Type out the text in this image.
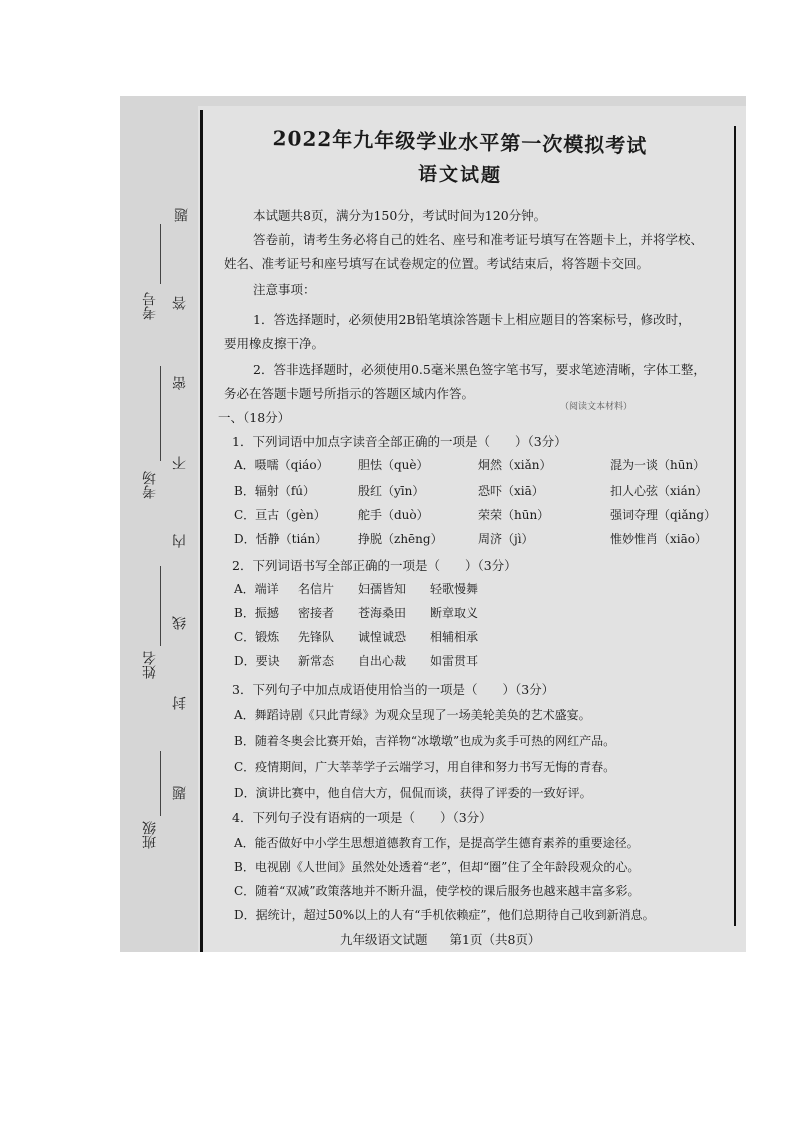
考号 答
题
考场
密
不
内
姓名
线
封
题
班级
2022年九年级学业水平第一次模拟考试
语文试题
本试题共8页，满分为150分，考试时间为120分钟。
答卷前，请考生务必将自己的姓名、座号和准考证号填写在答题卡上，并将学校、
姓名、准考证号和座号填写在试卷规定的位置。考试结束后，将答题卡交回。
注意事项：
1．答选择题时，必须使用2B铅笔填涂答题卡上相应题目的答案标号，修改时，
要用橡皮擦干净。
2．答非选择题时，必须使用0.5毫米黑色签字笔书写，要求笔迹清晰，字体工整，
务必在答题卡题号所指示的答题区域内作答。
（阅读文本材料）
一、（18分）
1．下列词语中加点字读音全部正确的一项是（　　）（3分）
A．嗫嚅（qiáo） 胆怯（què）	炯然（xiǎn）	混为一谈（hūn）
B．辐射（fú）	殷红（yīn）	恐吓（xiā）	扣人心弦（xián）
C．亘古（gèn）	舵手（duò）	荣荣（hūn）	强词夺理（qiǎng）
D．恬静（tián）	挣脱（zhēng）	周济（jì）	惟妙惟肖（xiāo）
2．下列词语书写全部正确的一项是（　　）（3分）
A．端详 名信片 妇孺皆知 轻歌慢舞
B．振撼 密接者 苍海桑田 断章取义
C．锻炼 先锋队 诚惶诚恐 相辅相承
D．要诀 新常态 自出心裁 如雷贯耳
3．下列句子中加点成语使用恰当的一项是（　　）（3分）
A．舞蹈诗剧《只此青绿》为观众呈现了一场美轮美奂的艺术盛宴。
B．随着冬奥会比赛开始，吉祥物“冰墩墩”也成为炙手可热的网红产品。
C．疫情期间，广大莘莘学子云端学习，用自律和努力书写无悔的青春。
D．演讲比赛中，他自信大方，侃侃而谈，获得了评委的一致好评。
4．下列句子没有语病的一项是（　　）（3分）
A．能否做好中小学生思想道德教育工作，是提高学生德育素养的重要途径。
B．电视剧《人世间》虽然处处透着“老”，但却“圈”住了全年龄段观众的心。
C．随着“双减”政策落地并不断升温，使学校的课后服务也越来越丰富多彩。
D．据统计，超过50%以上的人有“手机依赖症”，他们总期待自己收到新消息。
九年级语文试题 第1页（共8页）
